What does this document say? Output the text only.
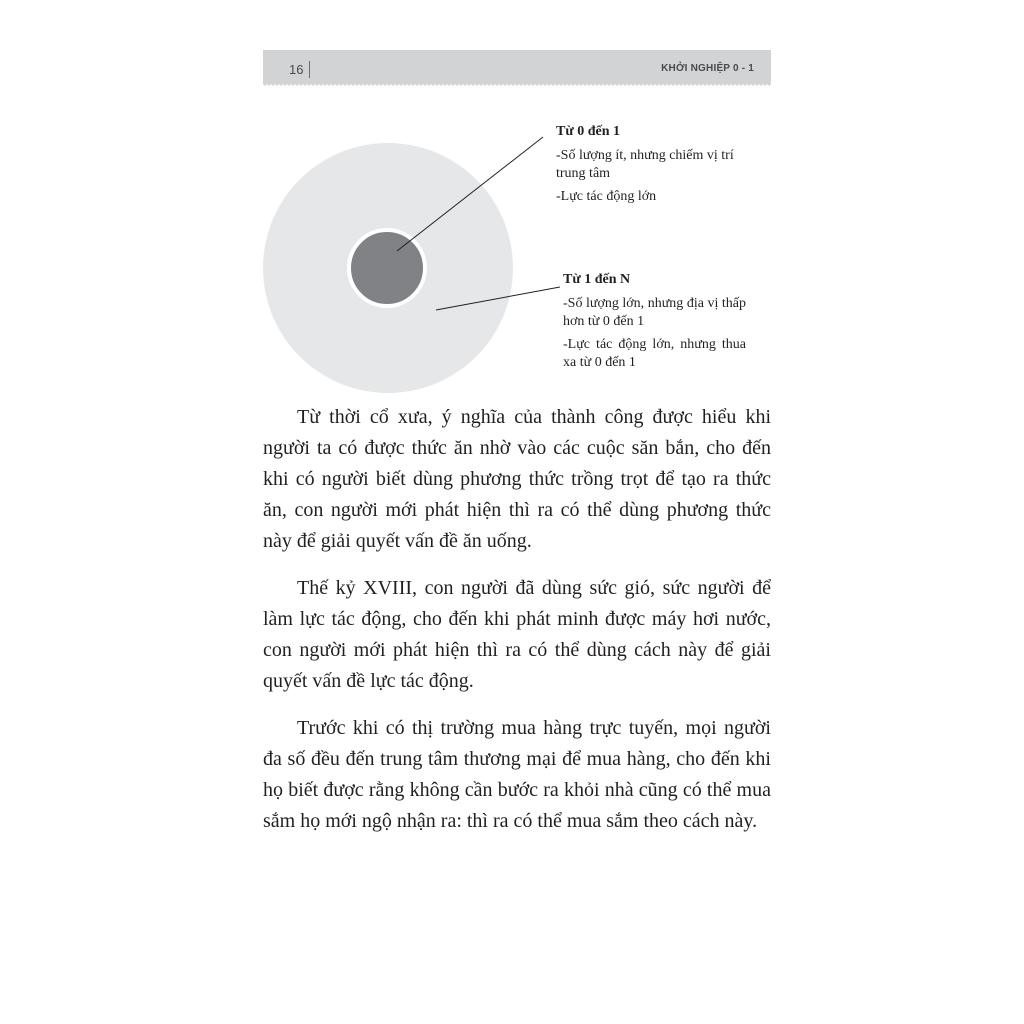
16	KHỞI NGHIỆP 0 - 1
Từ 0 đến 1
-Số lượng ít, nhưng chiếm vị trí trung tâm
-Lực tác động lớn
Từ 1 đến N
-Số lượng lớn, nhưng địa vị thấp hơn từ 0 đến 1
-Lực tác động lớn, nhưng thua xa từ 0 đến 1

Từ thời cổ xưa, ý nghĩa của thành công được hiểu khi người ta có được thức ăn nhờ vào các cuộc săn bắn, cho đến khi có người biết dùng phương thức trồng trọt để tạo ra thức ăn, con người mới phát hiện thì ra có thể dùng phương thức này để giải quyết vấn đề ăn uống.

Thế kỷ XVIII, con người đã dùng sức gió, sức người để làm lực tác động, cho đến khi phát minh được máy hơi nước, con người mới phát hiện thì ra có thể dùng cách này để giải quyết vấn đề lực tác động.

Trước khi có thị trường mua hàng trực tuyến, mọi người đa số đều đến trung tâm thương mại để mua hàng, cho đến khi họ biết được rằng không cần bước ra khỏi nhà cũng có thể mua sắm họ mới ngộ nhận ra: thì ra có thể mua sắm theo cách này.
